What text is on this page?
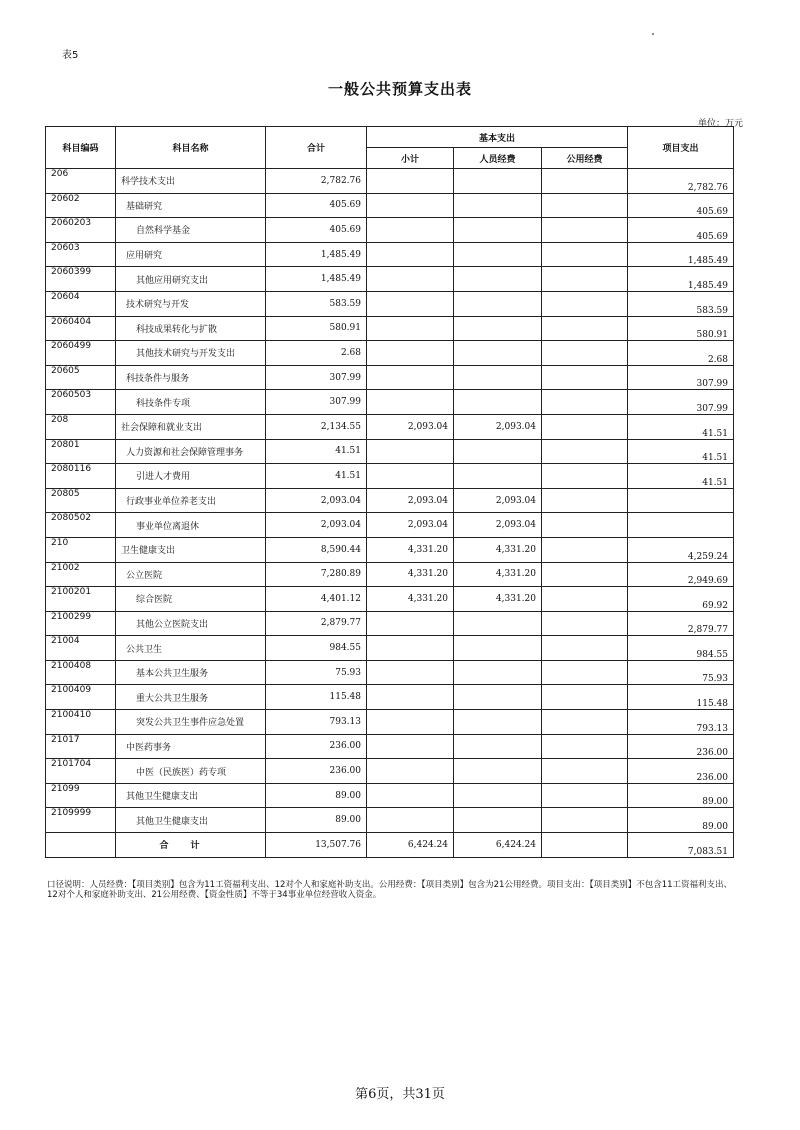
表5
一般公共预算支出表
单位：万元
科目编码	科目名称	合计	基本支出			项目支出
			小计	人员经费	公用经费	
206	科学技术支出	2,782.76				2,782.76
20602	基础研究	405.69				405.69
2060203	自然科学基金	405.69				405.69
20603	应用研究	1,485.49				1,485.49
2060399	其他应用研究支出	1,485.49				1,485.49
20604	技术研究与开发	583.59				583.59
2060404	科技成果转化与扩散	580.91				580.91
2060499	其他技术研究与开发支出	2.68				2.68
20605	科技条件与服务	307.99				307.99
2060503	科技条件专项	307.99				307.99
208	社会保障和就业支出	2,134.55	2,093.04	2,093.04		41.51
20801	人力资源和社会保障管理事务	41.51				41.51
2080116	引进人才费用	41.51				41.51
20805	行政事业单位养老支出	2,093.04	2,093.04	2,093.04		
2080502	事业单位离退休	2,093.04	2,093.04	2,093.04		
210	卫生健康支出	8,590.44	4,331.20	4,331.20		4,259.24
21002	公立医院	7,280.89	4,331.20	4,331.20		2,949.69
2100201	综合医院	4,401.12	4,331.20	4,331.20		69.92
2100299	其他公立医院支出	2,879.77				2,879.77
21004	公共卫生	984.55				984.55
2100408	基本公共卫生服务	75.93				75.93
2100409	重大公共卫生服务	115.48				115.48
2100410	突发公共卫生事件应急处置	793.13				793.13
21017	中医药事务	236.00				236.00
2101704	中医（民族医）药专项	236.00				236.00
21099	其他卫生健康支出	89.00				89.00
2109999	其他卫生健康支出	89.00				89.00
	合计	13,507.76	6,424.24	6,424.24		7,083.51
口径说明：人员经费：【项目类别】包含为11工资福利支出、12对个人和家庭补助支出。公用经费：【项目类别】包含为21公用经费。项目支出：【项目类别】不包含11工资福利支出、12对个人和家庭补助支出、21公用经费、【资金性质】不等于34事业单位经营收入资金。
第6页，共31页
